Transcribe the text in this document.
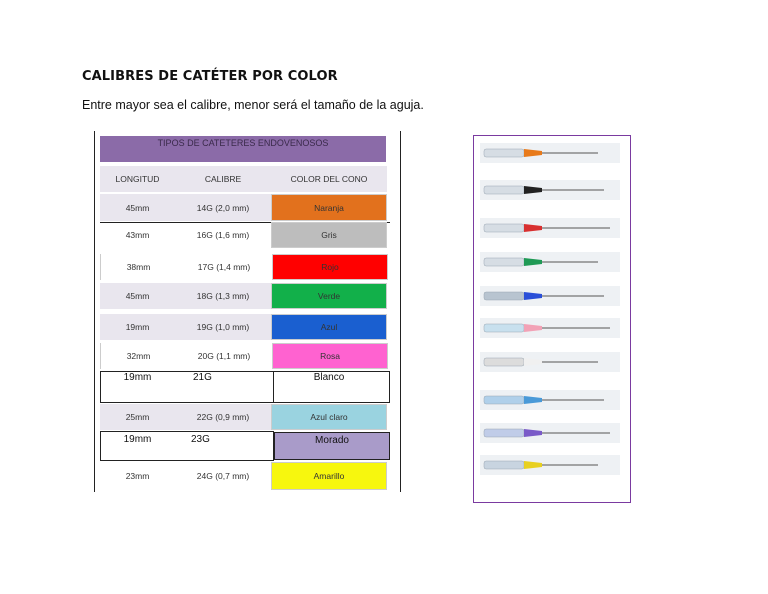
CALIBRES DE CATÉTER POR COLOR

Entre mayor sea el calibre, menor será el tamaño de la aguja.

TIPOS DE CATETERES ENDOVENOSOS
LONGITUD	CALIBRE	COLOR DEL CONO
45mm	14G (2,0 mm)	Naranja
43mm	16G (1,6 mm)	Gris
38mm	17G (1,4 mm)	Rojo
45mm	18G (1,3 mm)	Verde
19mm	19G (1,0 mm)	Azul
32mm	20G (1,1 mm)	Rosa
19mm	21G	Blanco
25mm	22G (0,9 mm)	Azul claro
19mm	23G	Morado
23mm	24G (0,7 mm)	Amarillo
